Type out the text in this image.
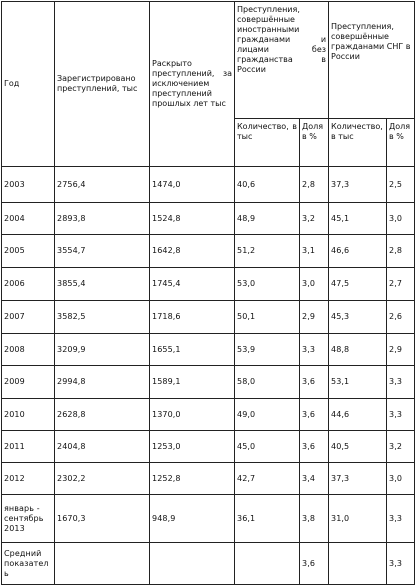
Год	Зарегистрировано преступлений, тыс	Раскрыто преступлений, за исключением преступлений прошлых лет тыс	Преступления, совершённые иностранными гражданами и лицами без гражданства в России		Преступления, совершённые гражданами СНГ в России	
			Количество, в тыс	Доля в %	Количество, в тыс	Доля в %
2003	2756,4	1474,0	40,6	2,8	37,3	2,5
2004	2893,8	1524,8	48,9	3,2	45,1	3,0
2005	3554,7	1642,8	51,2	3,1	46,6	2,8
2006	3855,4	1745,4	53,0	3,0	47,5	2,7
2007	3582,5	1718,6	50,1	2,9	45,3	2,6
2008	3209,9	1655,1	53,9	3,3	48,8	2,9
2009	2994,8	1589,1	58,0	3,6	53,1	3,3
2010	2628,8	1370,0	49,0	3,6	44,6	3,3
2011	2404,8	1253,0	45,0	3,6	40,5	3,2
2012	2302,2	1252,8	42,7	3,4	37,3	3,0
январь - сентябрь 2013	1670,3	948,9	36,1	3,8	31,0	3,3
Средний показатель				3,6		3,3
